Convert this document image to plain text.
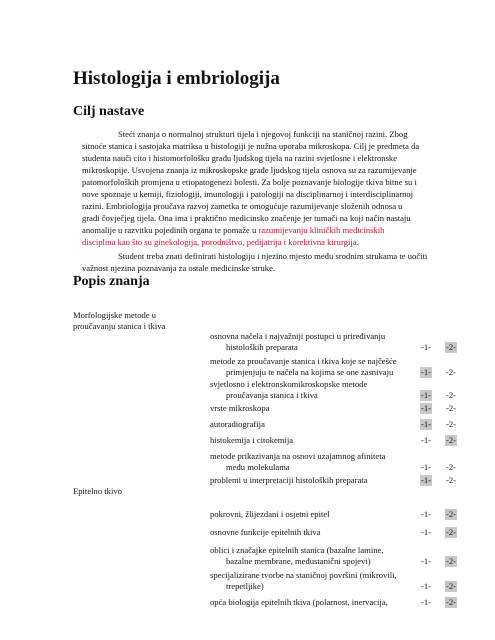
Histologija i embriologija
Cilj nastave
Steći znanja o normalnoj strukturi tijela i njegovoj funkciji na staničnoj razini. Zbog
sitnoće stanica i sastojaka matriksa u histologiji je nužna uporaba mikroskopa. Cilj je predmeta da
studenta nauči cito i histomorfološku građu ljudskog tijela na razini svjetlosne i elektronske
mikroskopije. Usvojena znanja iz mikroskopske građe ljudskog tijela osnova su za razumijevanje
patomorfoloških promjena u etiopatogenezi bolesti. Za bolje poznavanje biologije tkiva bitne su i
nove spoznaje u kemiji, fiziologiji, imunologiji i patologiji na disciplinarnoj i interdisciplinarnoj
razini. Embriologija proučava razvoj zametka te omogućuje razumijevanje složenih odnosa u
građi čovječjeg tijela. Ona ima i praktično medicinsko značenje jer tumači na koji način nastaju
anomalije u razvitku pojedinih organa te pomaže u razumijevanju kliničkih medicinskih
disciplina kao što su ginekologija, porodništvo, pedijatrija i korektivna kirurgija.
Student treba znati definirati histologiju i njezino mjesto među srodnim strukama te uočiti
važnost njezina poznavanja za ostale medicinske struke.
Popis znanja
Morfologijske metode u
proučavanju stanica i tkiva
Epitelno tkivo
osnovna načela i najvažniji postupci u priređivanju
histoloških preparata
metode za proučavanje stanica i tkiva koje se najčešće
primjenjuju te načela na kojima se one zasnivaju
svjetlosno i elektronskomikroskopske metode
proučavanja stanica i tkiva
vrste mikroskopa
autoradiografija
histokemija i citokemija
metode prikazivanja na osnovi uzajamnog afiniteta
među molekulama
problemi u interpretaciji histoloških preparata
pokrovni, žlijezdani i osjetni epitel
osnovne funkcije epitelnih tkiva
oblici i značajke epitelnih stanica (bazalne lamine,
bazalne membrane, međustanični spojevi)
specijalizirane tvorbe na staničnoj površini (mikrovili,
trepetljike)
opća biologija epitelnih tkiva (polarnost, inervacija,
-1- -2-
-1- -2-
-1- -2-
-1- -2-
-1- -2-
-1- -2-
-1- -2-
-1- -2-
-1- -2-
-1- -2-
-1- -2-
-1- -2-
-1- -2-
